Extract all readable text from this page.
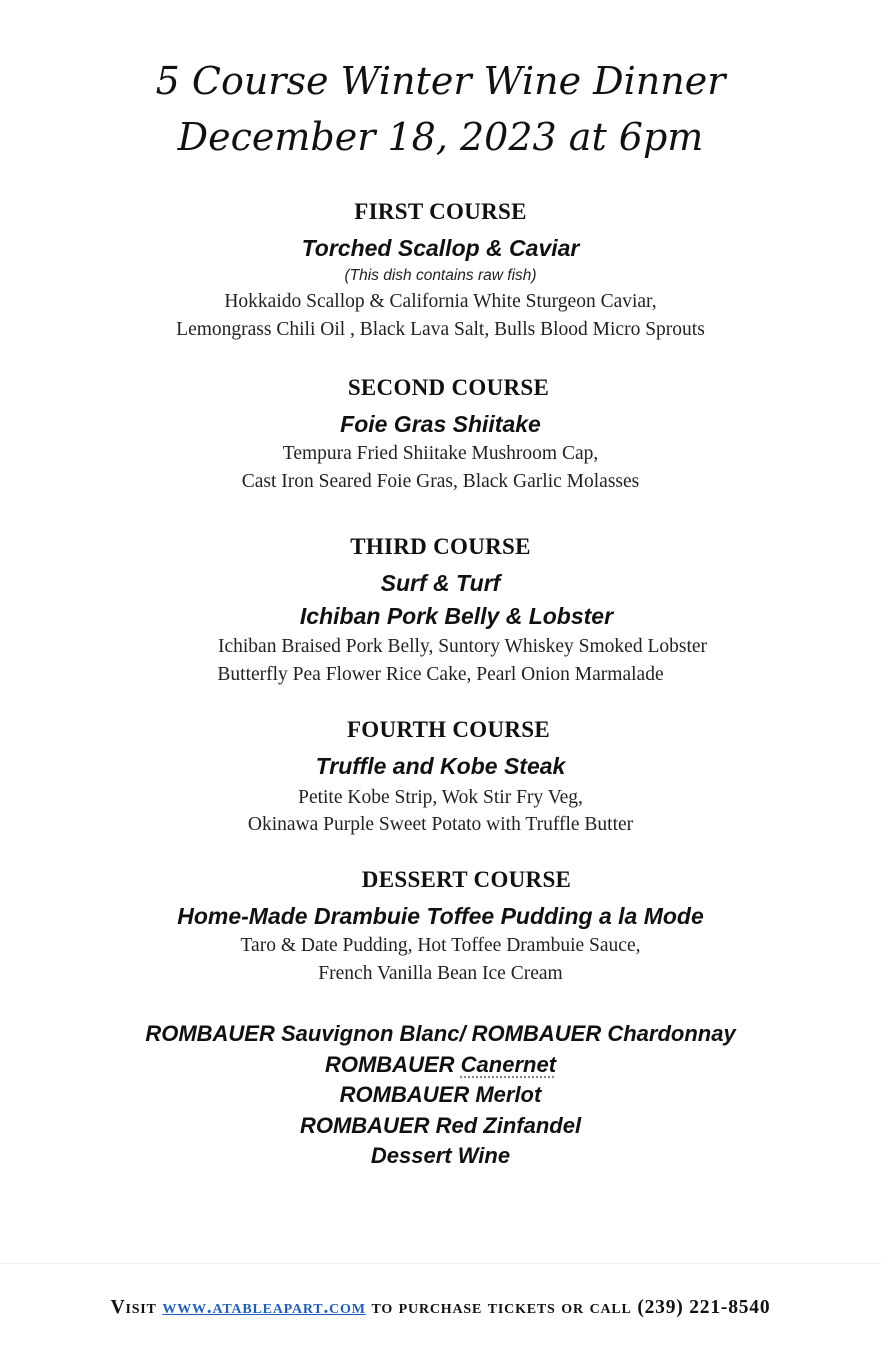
5 Course Winter Wine Dinner
December 18, 2023 at 6pm
FIRST COURSE
Torched Scallop & Caviar
(This dish contains raw fish)
Hokkaido Scallop & California White Sturgeon Caviar,
Lemongrass Chili Oil , Black Lava Salt, Bulls Blood Micro Sprouts
SECOND COURSE
Foie Gras Shiitake
Tempura Fried Shiitake Mushroom Cap,
Cast Iron Seared Foie Gras, Black Garlic Molasses
THIRD COURSE
Surf & Turf
Ichiban Pork Belly & Lobster
Ichiban Braised Pork Belly, Suntory Whiskey Smoked Lobster
Butterfly Pea Flower Rice Cake, Pearl Onion Marmalade
FOURTH COURSE
Truffle and Kobe Steak
Petite Kobe Strip, Wok Stir Fry Veg,
Okinawa Purple Sweet Potato with Truffle Butter
DESSERT COURSE
Home-Made Drambuie Toffee Pudding a la Mode
Taro & Date Pudding, Hot Toffee Drambuie Sauce,
French Vanilla Bean Ice Cream
ROMBAUER Sauvignon Blanc/ ROMBAUER Chardonnay
ROMBAUER Canernet
ROMBAUER Merlot
ROMBAUER Red Zinfandel
Dessert Wine
Visit www.atableapart.com to purchase tickets or call (239) 221-8540
